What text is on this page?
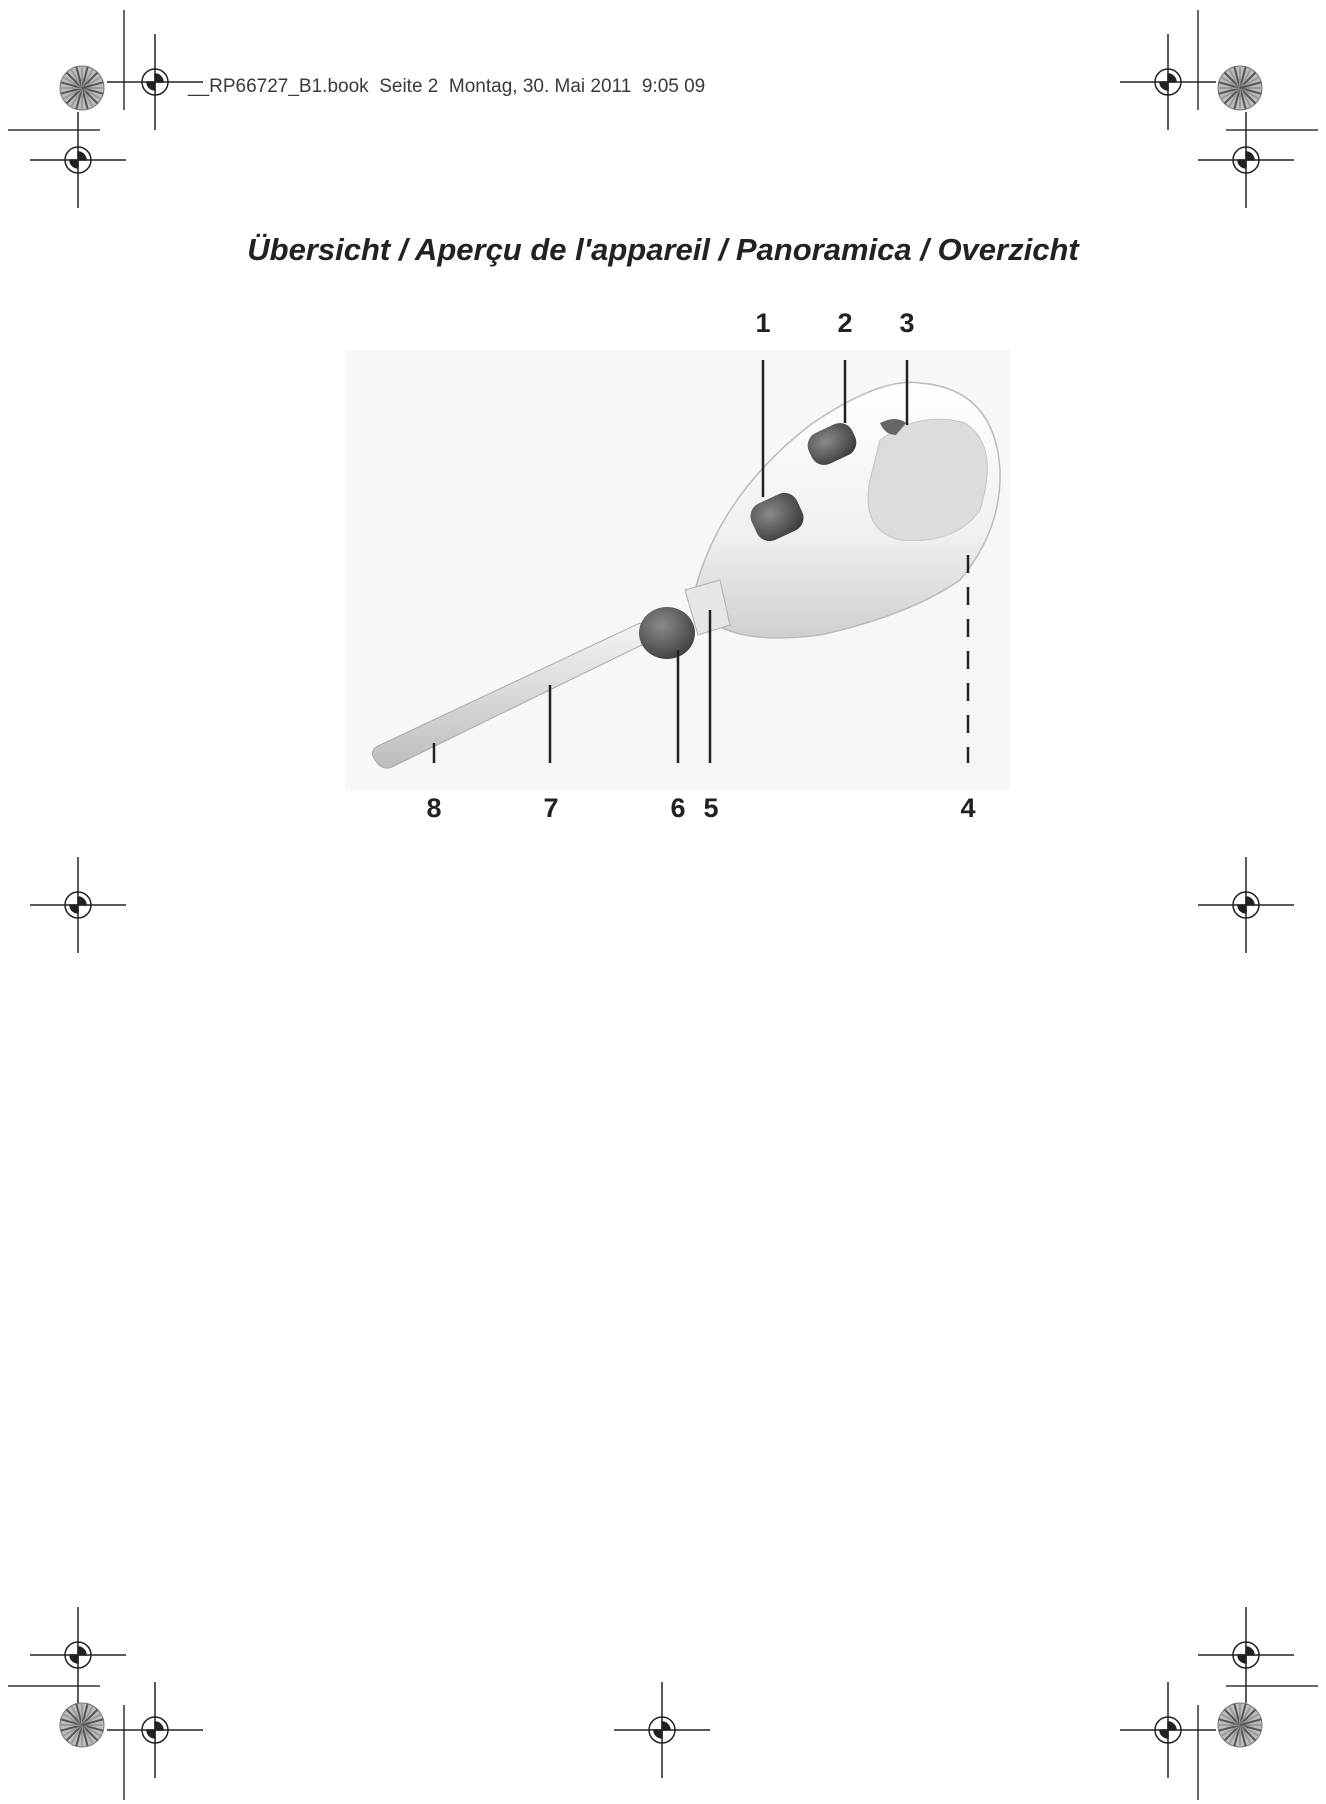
__RP66727_B1.book  Seite 2  Montag, 30. Mai 2011  9:05 09
Übersicht / Aperçu de l'appareil / Panoramica / Overzicht
1	2	3
8	7	6 5	4
